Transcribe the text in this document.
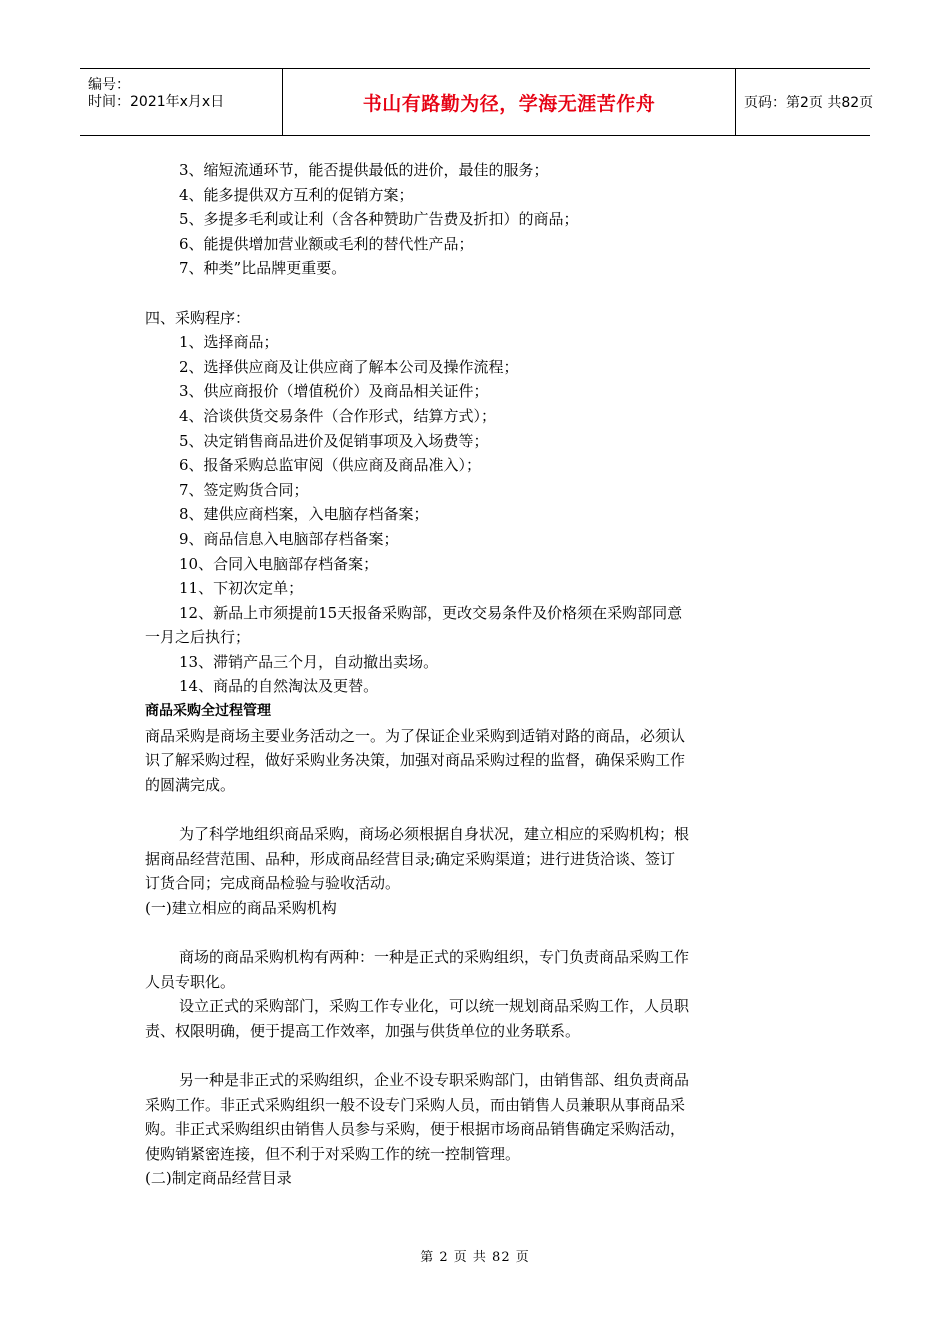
编号：
时间：2021年x月x日	书山有路勤为径，学海无涯苦作舟	页码：第2页 共82页

3、缩短流通环节，能否提供最低的进价，最佳的服务；

4、能多提供双方互利的促销方案；

5、多提多毛利或让利（含各种赞助广告费及折扣）的商品；

6、能提供增加营业额或毛利的替代性产品；

7、种类”比品牌更重要。

四、采购程序：

1、选择商品；

2、选择供应商及让供应商了解本公司及操作流程；

3、供应商报价（增值税价）及商品相关证件；

4、洽谈供货交易条件（合作形式，结算方式）；

5、决定销售商品进价及促销事项及入场费等；

6、报备采购总监审阅（供应商及商品准入）；

7、签定购货合同；

8、建供应商档案，入电脑存档备案；

9、商品信息入电脑部存档备案；

10、合同入电脑部存档备案；

11、下初次定单；

12、新品上市须提前15天报备采购部，更改交易条件及价格须在采购部同意

一月之后执行；

13、滞销产品三个月，自动撤出卖场。

14、商品的自然淘汰及更替。

商品采购全过程管理

商品采购是商场主要业务活动之一。为了保证企业采购到适销对路的商品，必须认

识了解采购过程，做好采购业务决策，加强对商品采购过程的监督，确保采购工作

的圆满完成。

为了科学地组织商品采购，商场必须根据自身状况，建立相应的采购机构；根

据商品经营范围、品种，形成商品经营目录;确定采购渠道；进行进货洽谈、签订

订货合同；完成商品检验与验收活动。

(一)建立相应的商品采购机构

商场的商品采购机构有两种：一种是正式的采购组织，专门负责商品采购工作

人员专职化。

设立正式的采购部门，采购工作专业化，可以统一规划商品采购工作，人员职

责、权限明确，便于提高工作效率，加强与供货单位的业务联系。

另一种是非正式的采购组织，企业不设专职采购部门，由销售部、组负责商品

采购工作。非正式采购组织一般不设专门采购人员，而由销售人员兼职从事商品采

购。非正式采购组织由销售人员参与采购，便于根据市场商品销售确定采购活动，

使购销紧密连接，但不利于对采购工作的统一控制管理。

(二)制定商品经营目录

第 2 页 共 82 页
